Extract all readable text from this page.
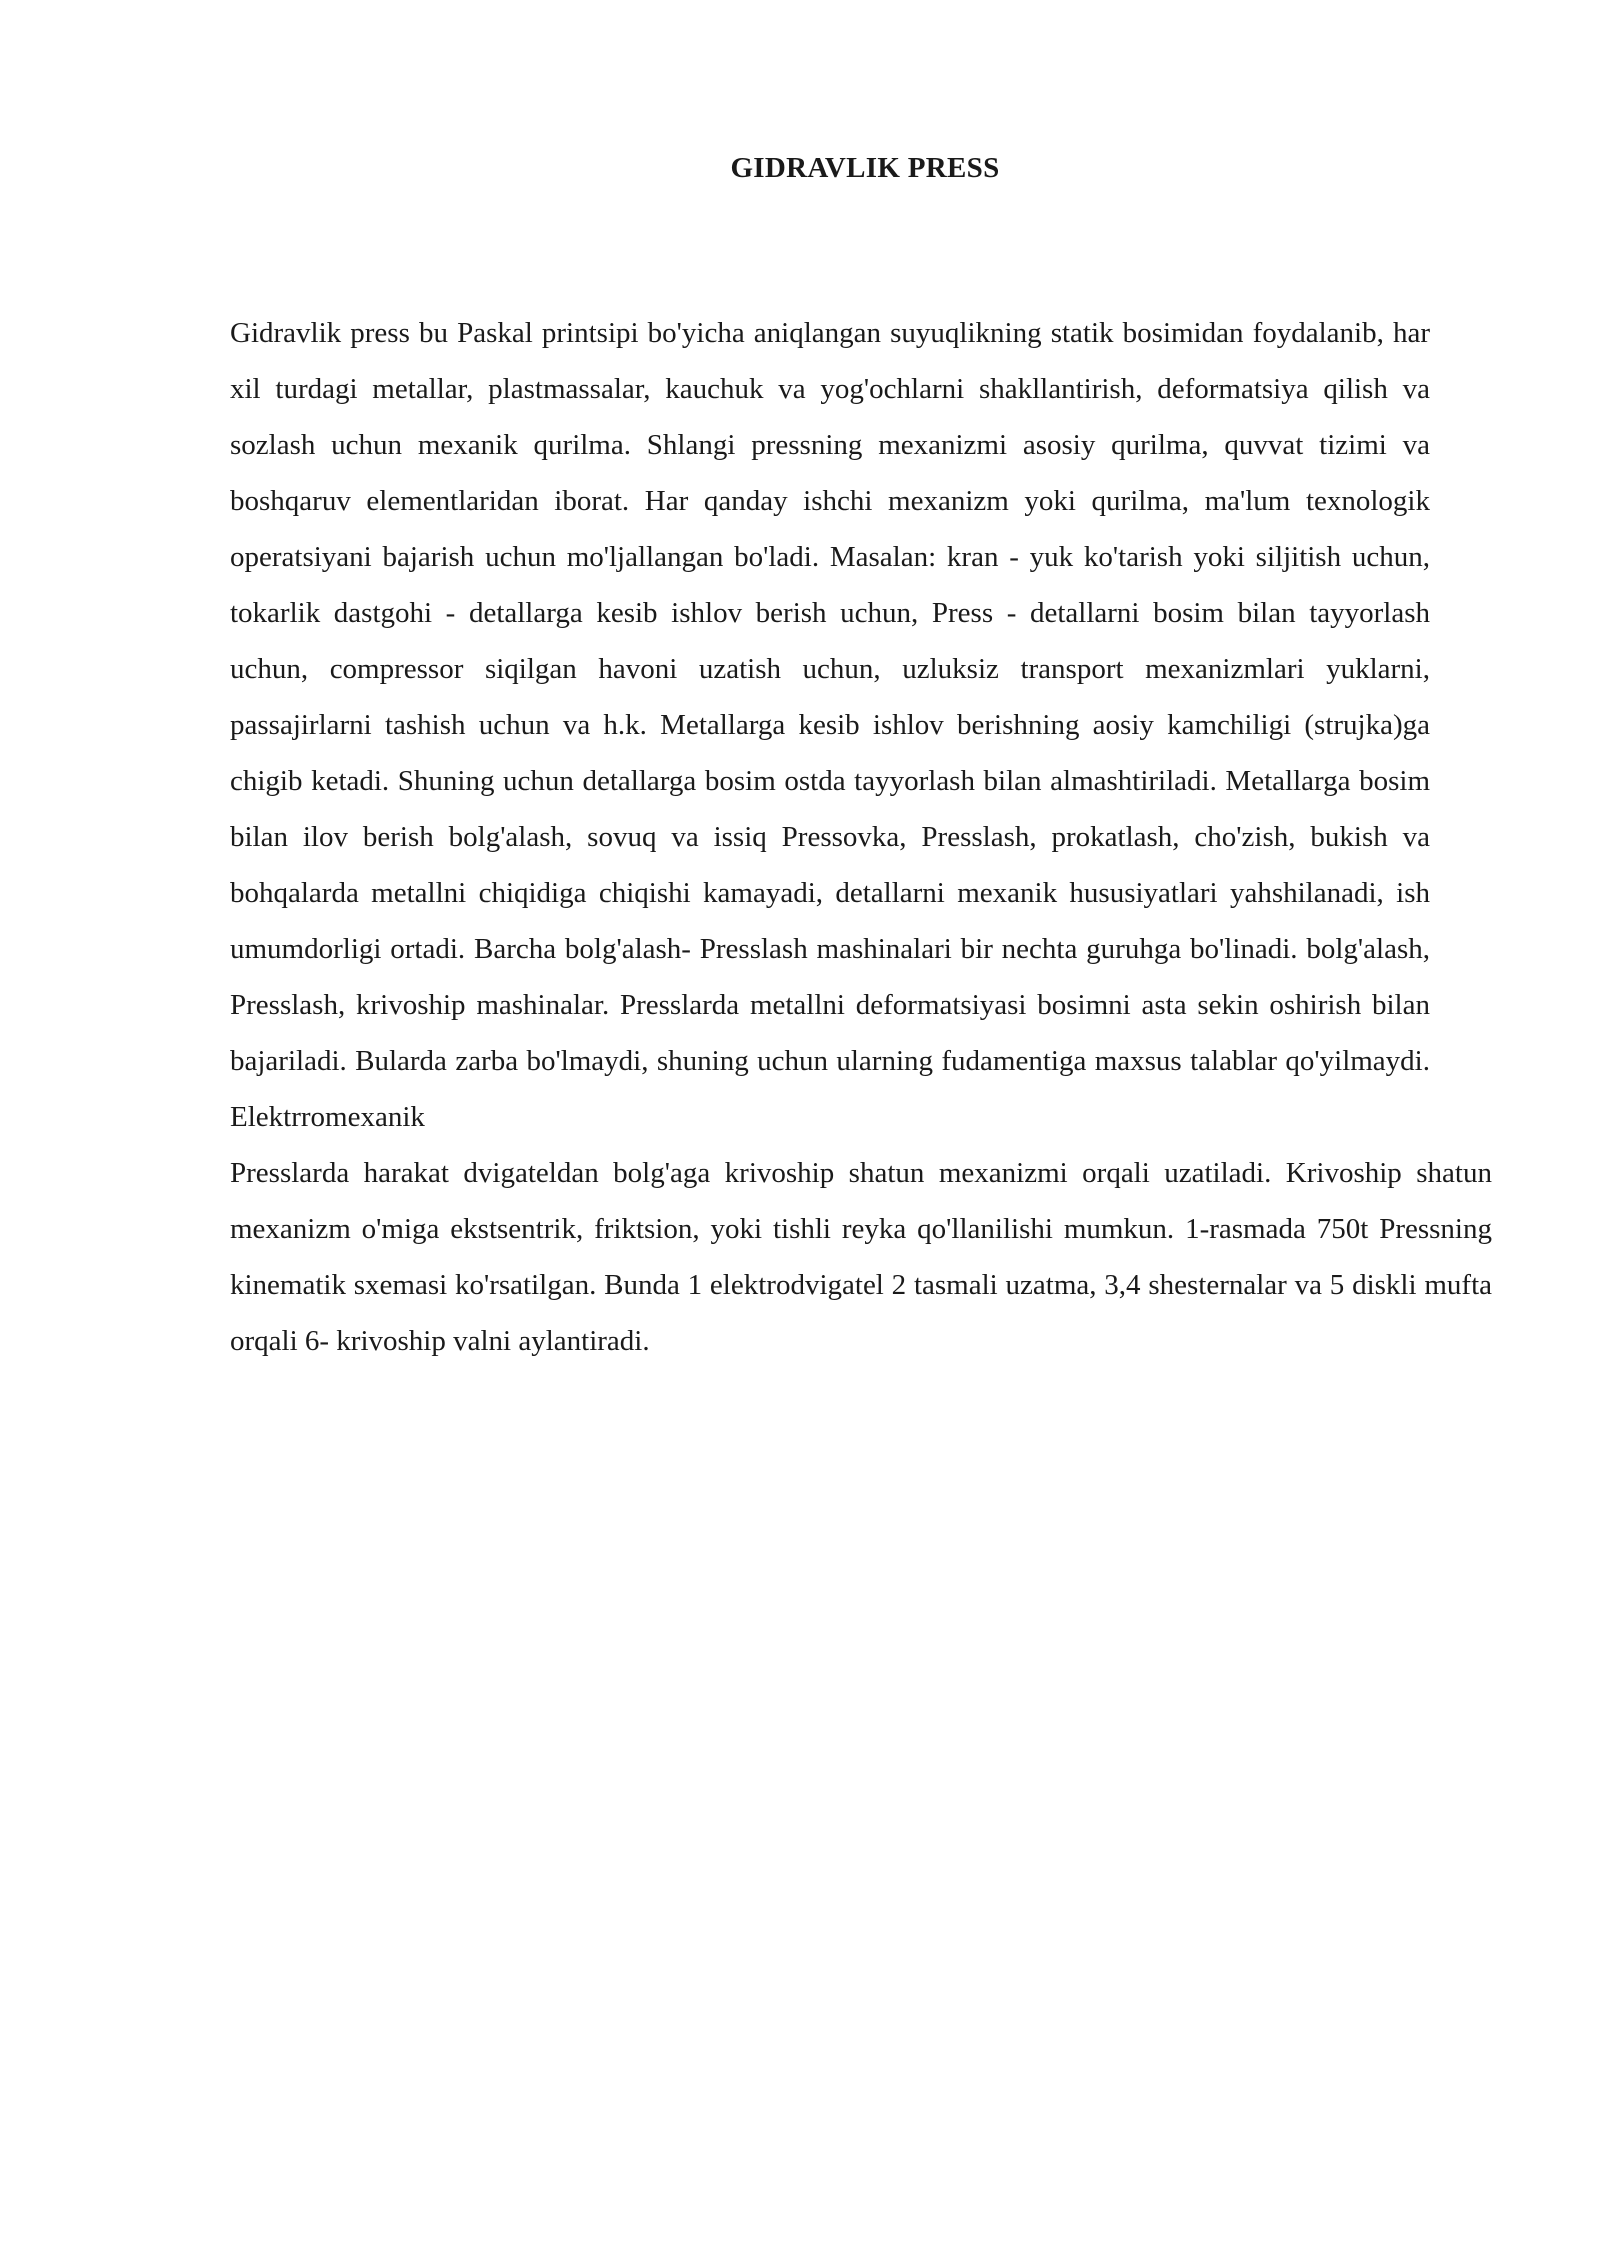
GIDRAVLIK PRESS

Gidravlik press bu Paskal printsipi bo'yicha aniqlangan suyuqlikning statik bosimidan foydalanib, har xil turdagi metallar, plastmassalar, kauchuk va yog'ochlarni shakllantirish, deformatsiya qilish va sozlash uchun mexanik qurilma. Shlangi pressning mexanizmi asosiy qurilma, quvvat tizimi va boshqaruv elementlaridan iborat. Har qanday ishchi mexanizm yoki qurilma, ma'lum texnologik operatsiyani bajarish uchun mo'ljallangan bo'ladi. Masalan: kran - yuk ko'tarish yoki siljitish uchun, tokarlik dastgohi - detallarga kesib ishlov berish uchun, Press - detallarni bosim bilan tayyorlash uchun, compressor siqilgan havoni uzatish uchun, uzluksiz transport mexanizmlari yuklarni, passajirlarni tashish uchun va h.k. Metallarga kesib ishlov berishning aosiy kamchiligi (strujka)ga chigib ketadi. Shuning uchun detallarga bosim ostda tayyorlash bilan almashtiriladi. Metallarga bosim bilan ilov berish bolg'alash, sovuq va issiq Pressovka, Presslash, prokatlash, cho'zish, bukish va bohqalarda metallni chiqidiga chiqishi kamayadi, detallarni mexanik hususiyatlari yahshilanadi, ish umumdorligi ortadi. Barcha bolg'alash- Presslash mashinalari bir nechta guruhga bo'linadi. bolg'alash, Presslash, krivoship mashinalar. Presslarda metallni deformatsiyasi bosimni asta sekin oshirish bilan bajariladi. Bularda zarba bo'lmaydi, shuning uchun ularning fudamentiga maxsus talablar qo'yilmaydi. Elektrromexanik

Presslarda harakat dvigateldan bolg'aga krivoship shatun mexanizmi orqali uzatiladi. Krivoship shatun mexanizm o'miga ekstsentrik, friktsion, yoki tishli reyka qo'llanilishi mumkun. 1-rasmada 750t Pressning kinematik sxemasi ko'rsatilgan. Bunda 1 elektrodvigatel 2 tasmali uzatma, 3,4 shesternalar va 5 diskli mufta orqali 6- krivoship valni aylantiradi.
